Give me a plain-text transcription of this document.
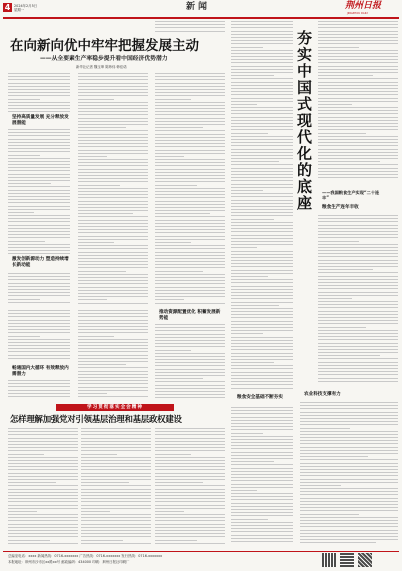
4	2024年2月5日
星期一	新闻	荆州日报
JINGZHOU DAILY
在向新向优中牢牢把握发展主动
——从全要素生产率稳步提升看中国经济优势潜力
新华社记者 魏玉坤 陈炜伟 韩佳诺
坚持高质量发展 充分释放发展潜能
激发创新源动力 塑造持续增长新动能
推动资源配置优化 积蓄发展新势能
畅通国内大循环 有效释放内需潜力
粮食安全基础不断夯实
夯实中国式现代化的底座 ——我国粮食生产实现“二十连丰”
粮食生产连年丰收
农业科技支撑有力
学习贯彻落实全会精神
怎样理解加强党对引领基层治理和基层政权建设
总编室电话：xxxx 新闻热线：0716-xxxxxxx 广告热线：0716-xxxxxxx 发行热线：0716-xxxxxxx
本报地址：荆州市沙市区xx路xx号 邮政编码：434000 印刷：荆州日报社印刷厂
